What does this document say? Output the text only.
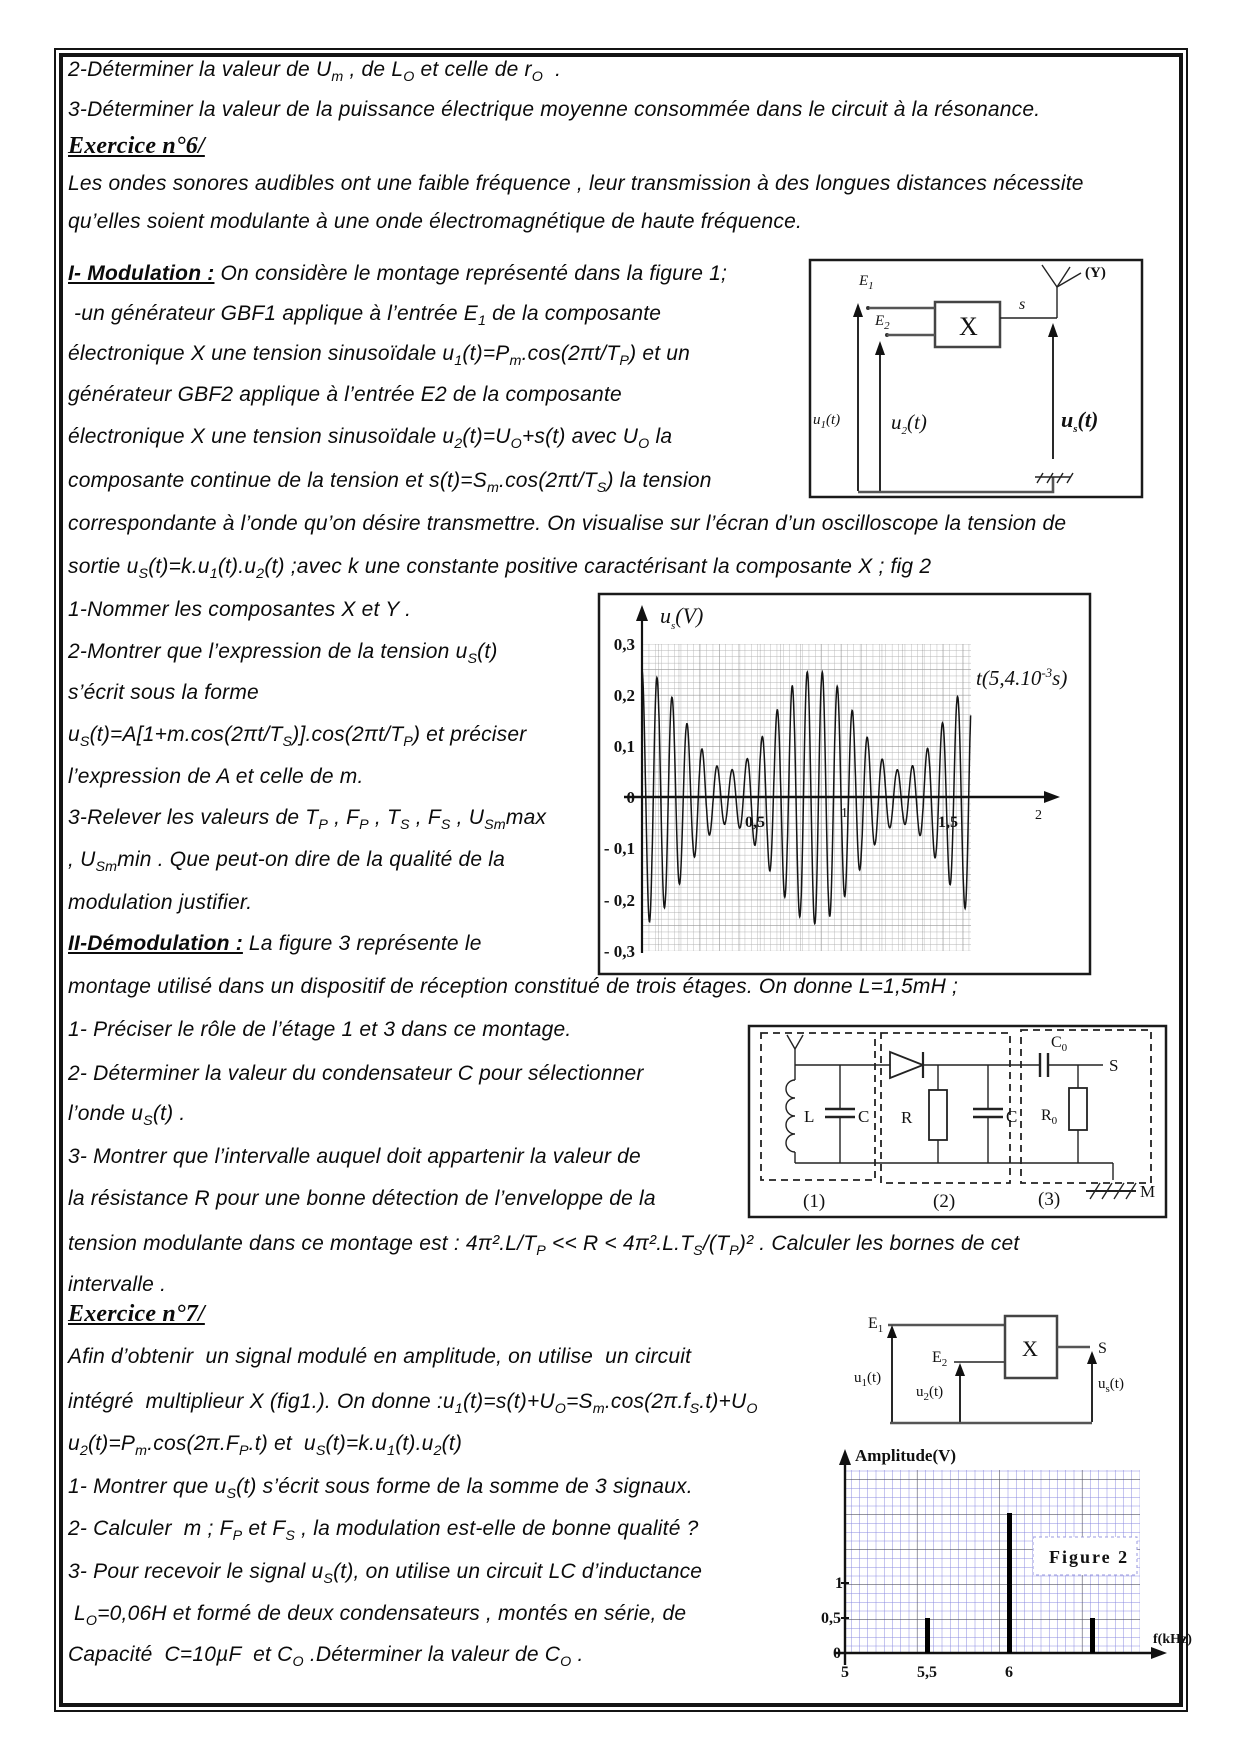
2-Déterminer la valeur de $U_m$ , de $L_O$ et celle de $r_O$  .
3-Déterminer la valeur de la puissance électrique moyenne consommée dans le circuit à la résonance.
Exercice n°6/
Les ondes sonores audibles ont une faible fréquence , leur transmission à des longues distances nécessite
qu’elles soient modulante à une onde électromagnétique de haute fréquence.
I- Modulation : On considère le montage représenté dans la figure 1;
-un générateur GBF1 applique à l’entrée $E_1$ de la composante
électronique X une tension sinusoïdale $u_1(t)=P_m.\cos(2\pi t/T_P)$ et un
générateur GBF2 applique à l’entrée E2 de la composante
électronique X une tension sinusoïdale $u_2(t)=U_O+s(t)$ avec $U_O$ la
composante continue de la tension et $s(t)=S_m.\cos(2\pi t/T_S)$ la tension
correspondante à l’onde qu’on désire transmettre. On visualise sur l’écran d’un oscilloscope la tension de
sortie $u_S(t)=k.u_1(t).u_2(t)$ ;avec k une constante positive caractérisant la composante X ; fig 2
1-Nommer les composantes X et Y .
2-Montrer que l’expression de la tension $u_S(t)$
s’écrit sous la forme
$u_S(t)=A[1+m.\cos(2\pi t/T_S)].\cos(2\pi t/T_P)$ et préciser
l’expression de A et celle de m.
3-Relever les valeurs de $T_P$ , $F_P$ , $T_S$ , $F_S$ , $U_{Sm}\max$
, $U_{Sm}\min$ . Que peut-on dire de la qualité de la
modulation justifier.
II-Démodulation : La figure 3 représente le
montage utilisé dans un dispositif de réception constitué de trois étages. On donne L=1,5mH ;
1- Préciser le rôle de l’étage 1 et 3 dans ce montage.
2- Déterminer la valeur du condensateur C pour sélectionner
l’onde $u_S(t)$ .
3- Montrer que l’intervalle auquel doit appartenir la valeur de
la résistance R pour une bonne détection de l’enveloppe de la
tension modulante dans ce montage est : $4\pi^2.L/T_P << R < 4\pi^2.L.T_S/(T_P)^2$ . Calculer les bornes de cet
intervalle .
Exercice n°7/
Afin d’obtenir  un signal modulé en amplitude, on utilise  un circuit
intégré  multiplieur X (fig1.). On donne $:u_1(t)=s(t)+U_O=S_m.\cos(2\pi.f_S.t)+U_O$
$u_2(t)=P_m.\cos(2\pi.F_P.t)$ et  $u_S(t)=k.u_1(t).u_2(t)$
1- Montrer que $u_S(t)$ s’écrit sous forme de la somme de 3 signaux.
2- Calculer  m ; $F_P$ et $F_S$ , la modulation est-elle de bonne qualité ?
3- Pour recevoir le signal $u_S(t)$, on utilise un circuit LC d’inductance
$L_O=0,06H$ et formé de deux condensateurs , montés en série, de
Capacité  C=10µF  et $C_O$ .Déterminer la valeur de $C_O$ .
X
$E_1$
$E_2$
s
(Y)
$u_1(t)$ $u_2(t)$	$u_s(t)$
$u_s(V)$
0,3
0,2
0,1
0
- 0,1
- 0,2
- 0,3
0,5	1,5
1	2
$t(5,4.10^{-3}s)$
L	C R	C
$C_0$
S
$R_0$
M
(1)	(2)	(3)
$E_1$
$E_2$
X	S
$u_1(t)$
$u_2(t)$	$u_s(t)$
Amplitude(V)
f(kHz)
1
0,5
0
5	5,5	6
Figure 2
